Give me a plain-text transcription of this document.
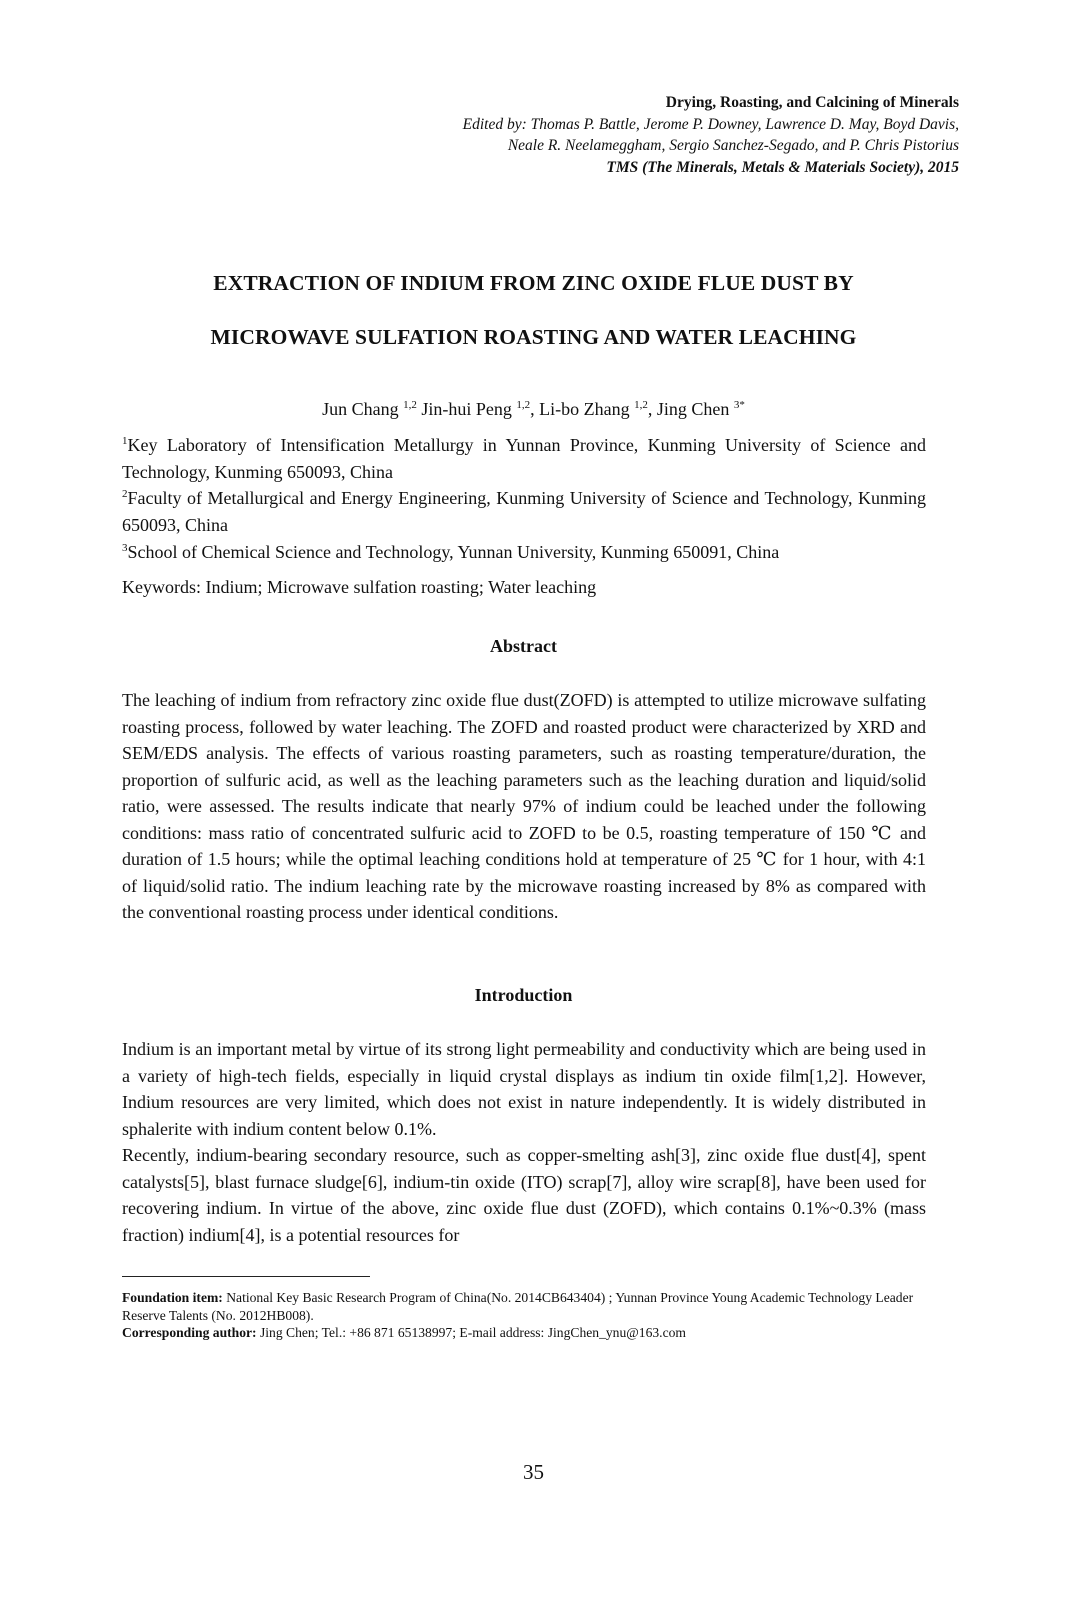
Drying, Roasting, and Calcining of Minerals
Edited by: Thomas P. Battle, Jerome P. Downey, Lawrence D. May, Boyd Davis,
Neale R. Neelameggham, Sergio Sanchez-Segado, and P. Chris Pistorius
TMS (The Minerals, Metals & Materials Society), 2015
EXTRACTION OF INDIUM FROM ZINC OXIDE FLUE DUST BY
MICROWAVE SULFATION ROASTING AND WATER LEACHING
Jun Chang $^{1,2}$ Jin-hui Peng $^{1,2}$, Li-bo Zhang $^{1,2}$, Jing Chen $^{3*}$

$^1$Key Laboratory of Intensification Metallurgy in Yunnan Province, Kunming University of Science and Technology, Kunming 650093, China

$^2$Faculty of Metallurgical and Energy Engineering, Kunming University of Science and Technology, Kunming 650093, China

$^3$School of Chemical Science and Technology, Yunnan University, Kunming 650091, China

Keywords: Indium; Microwave sulfation roasting; Water leaching
Abstract

The leaching of indium from refractory zinc oxide flue dust(ZOFD) is attempted to utilize microwave sulfating roasting process, followed by water leaching. The ZOFD and roasted product were characterized by XRD and SEM/EDS analysis. The effects of various roasting parameters, such as roasting temperature/duration, the proportion of sulfuric acid, as well as the leaching parameters such as the leaching duration and liquid/solid ratio, were assessed. The results indicate that nearly 97% of indium could be leached under the following conditions: mass ratio of concentrated sulfuric acid to ZOFD to be 0.5, roasting temperature of 150 ℃ and duration of 1.5 hours; while the optimal leaching conditions hold at temperature of 25 ℃ for 1 hour, with 4:1 of liquid/solid ratio. The indium leaching rate by the microwave roasting increased by 8% as compared with the conventional roasting process under identical conditions.

Introduction

Indium is an important metal by virtue of its strong light permeability and conductivity which are being used in a variety of high-tech fields, especially in liquid crystal displays as indium tin oxide film[1,2]. However, Indium resources are very limited, which does not exist in nature independently. It is widely distributed in sphalerite with indium content below 0.1%.

Recently, indium-bearing secondary resource, such as copper-smelting ash[3], zinc oxide flue dust[4], spent catalysts[5], blast furnace sludge[6], indium-tin oxide (ITO) scrap[7], alloy wire scrap[8], have been used for recovering indium. In virtue of the above, zinc oxide flue dust (ZOFD), which contains 0.1%~0.3% (mass fraction) indium[4], is a potential resources for

Foundation item: National Key Basic Research Program of China(No. 2014CB643404) ; Yunnan Province Young Academic Technology Leader Reserve Talents (No. 2012HB008).

Corresponding author: Jing Chen; Tel.: +86 871 65138997; E-mail address: JingChen_ynu@163.com

35
